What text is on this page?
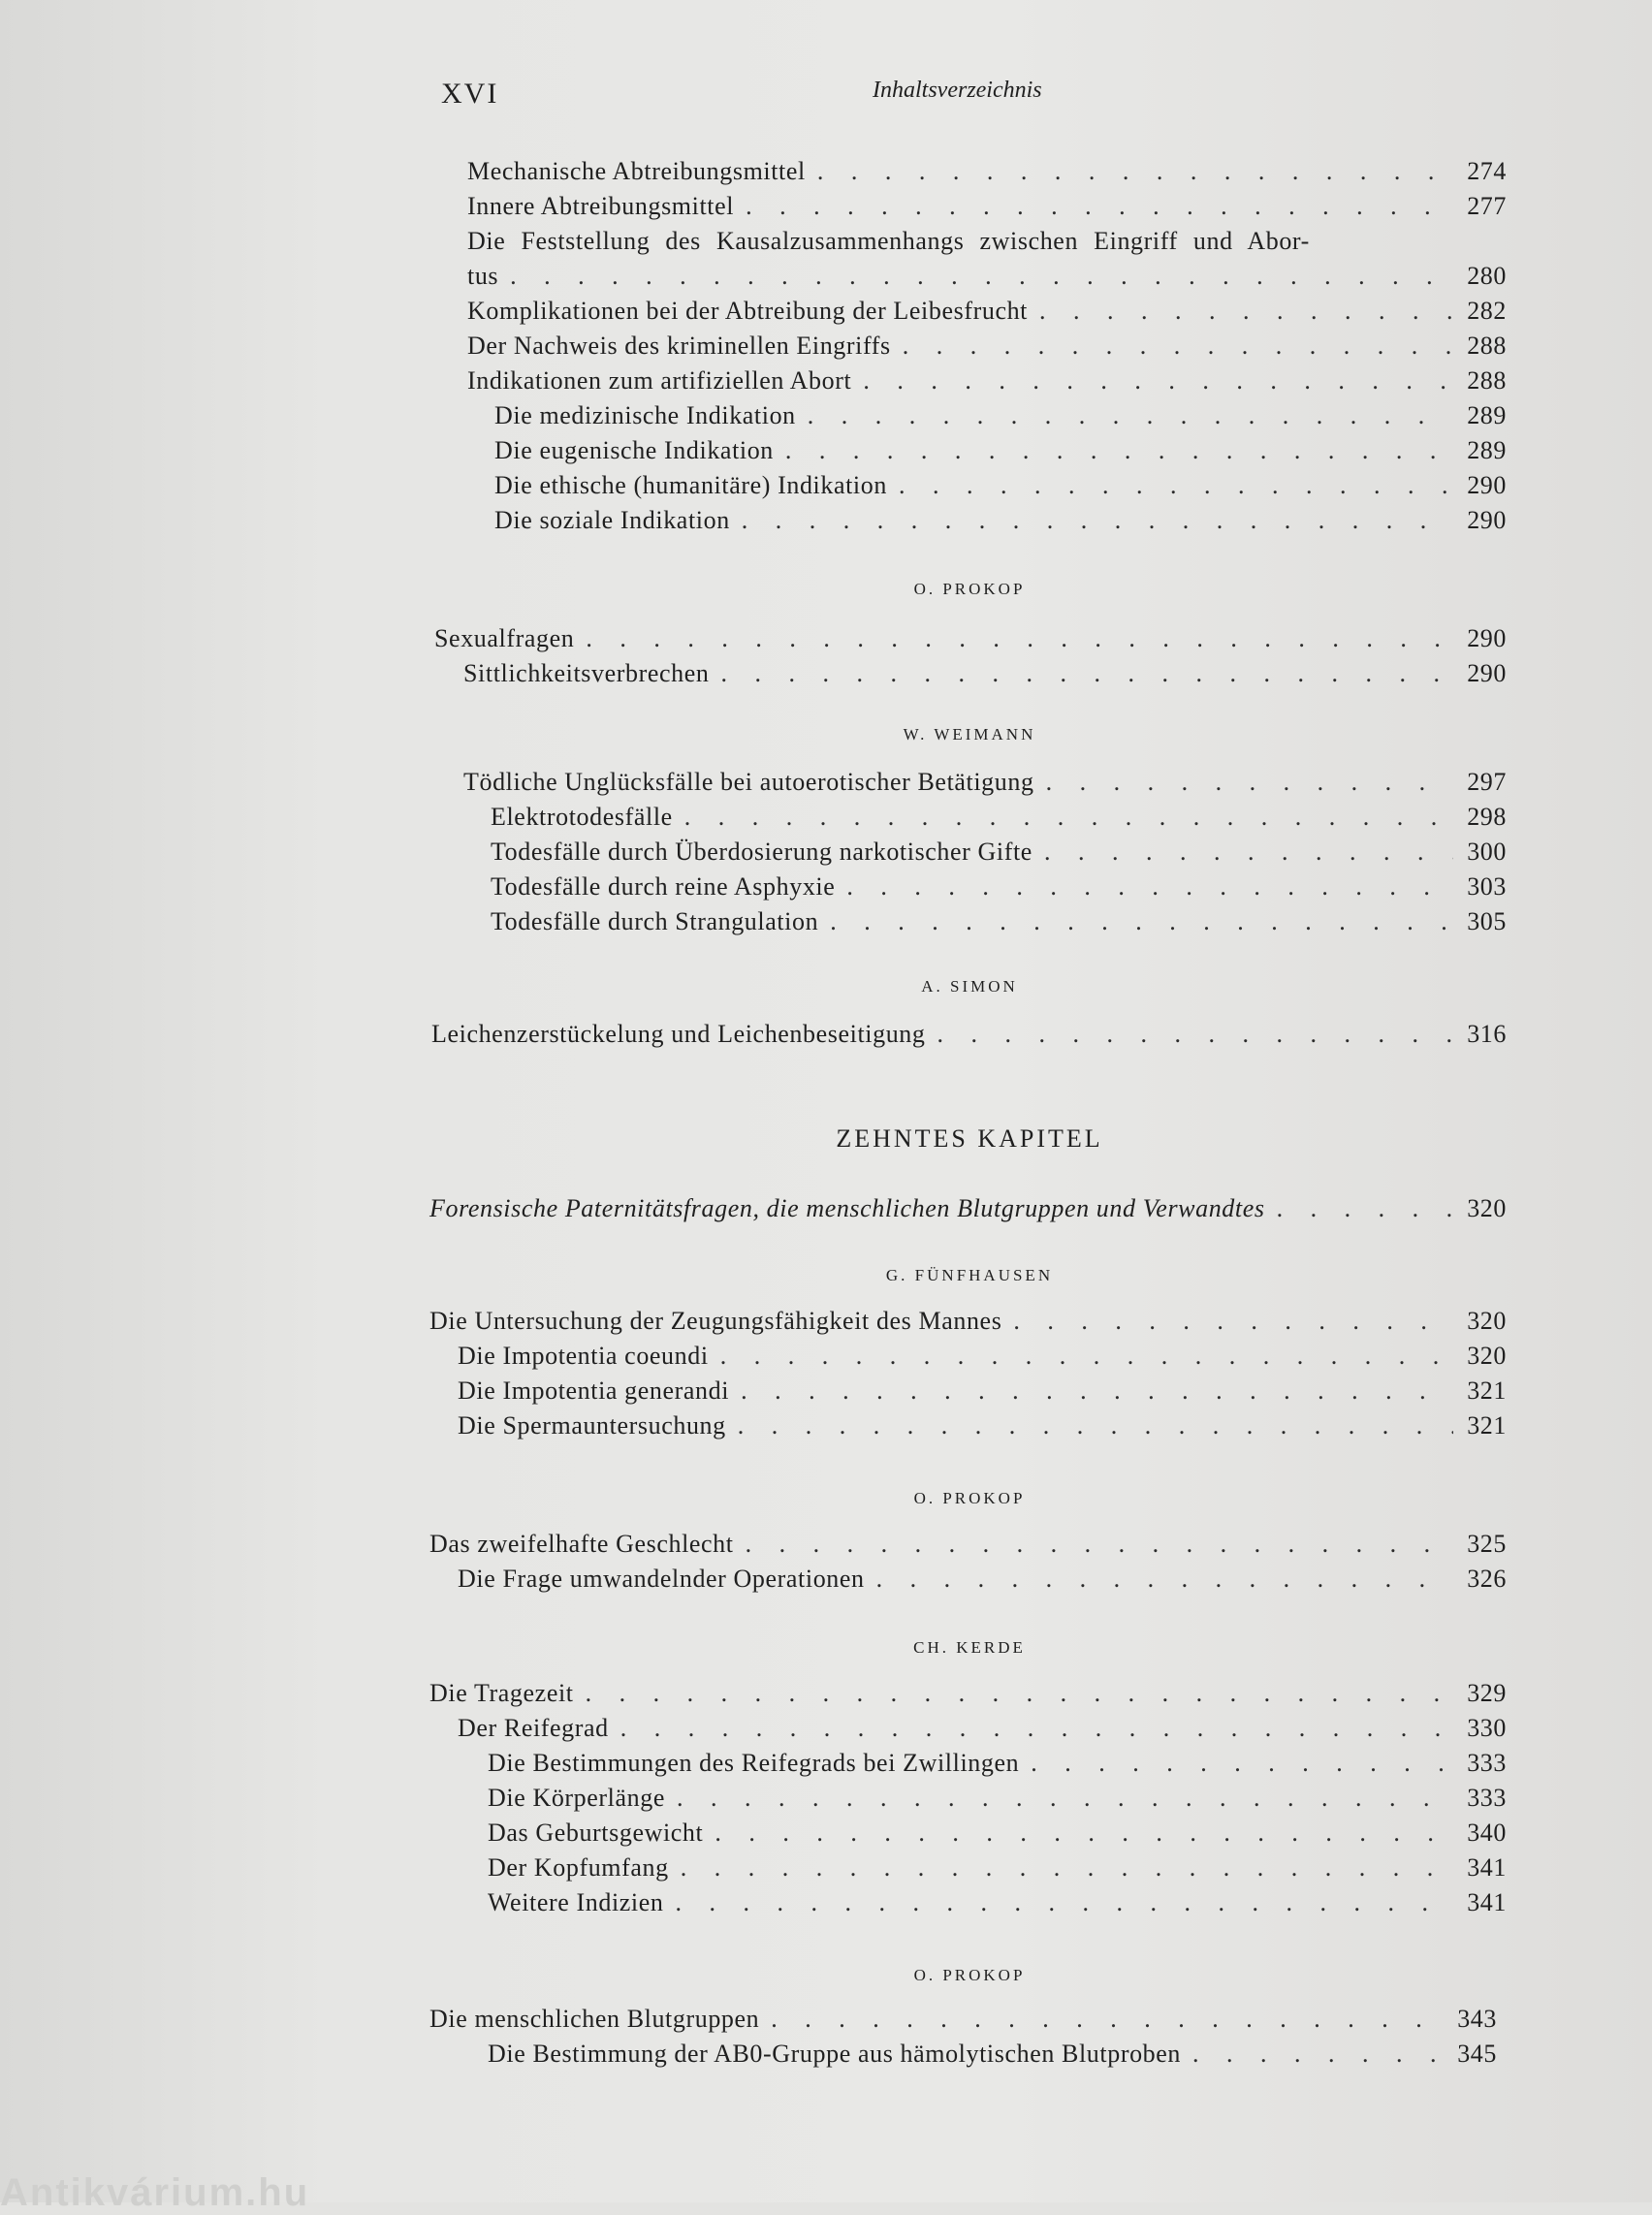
XVI	Inhaltsverzeichnis
Mechanische Abtreibungsmittel . . .	274
Innere Abtreibungsmittel . . .	277
Die Feststellung des Kausalzusammenhangs zwischen Eingriff und Abor-
tus . . .	280
Komplikationen bei der Abtreibung der Leibesfrucht . . .	282
Der Nachweis des kriminellen Eingriffs . . .	288
Indikationen zum artifiziellen Abort . . .	288
Die medizinische Indikation . . .	289
Die eugenische Indikation . . .	289
Die ethische (humanitäre) Indikation . . .	290
Die soziale Indikation . . .	290
O. PROKOP
Sexualfragen . . .	290
Sittlichkeitsverbrechen . . .	290
W. WEIMANN
Tödliche Unglücksfälle bei autoerotischer Betätigung . . .	297
Elektrotodesfälle . . .	298
Todesfälle durch Überdosierung narkotischer Gifte . . .	300
Todesfälle durch reine Asphyxie . . .	303
Todesfälle durch Strangulation . . .	305
A. SIMON
Leichenzerstückelung und Leichenbeseitigung . . .	316
ZEHNTES KAPITEL
Forensische Paternitätsfragen, die menschlichen Blutgruppen und Verwandtes . . .	320
G. FÜNFHAUSEN
Die Untersuchung der Zeugungsfähigkeit des Mannes . . .	320
Die Impotentia coeundi . . .	320
Die Impotentia generandi . . .	321
Die Spermauntersuchung . . .	321
O. PROKOP
Das zweifelhafte Geschlecht . . .	325
Die Frage umwandelnder Operationen . . .	326
CH. KERDE
Die Tragezeit . . .	329
Der Reifegrad . . .	330
Die Bestimmungen des Reifegrads bei Zwillingen . . .	333
Die Körperlänge . . .	333
Das Geburtsgewicht . . .	340
Der Kopfumfang . . .	341
Weitere Indizien . . .	341
O. PROKOP
Die menschlichen Blutgruppen . . .	343
Die Bestimmung der AB0-Gruppe aus hämolytischen Blutproben . . .	345
Antikvárium.hu
